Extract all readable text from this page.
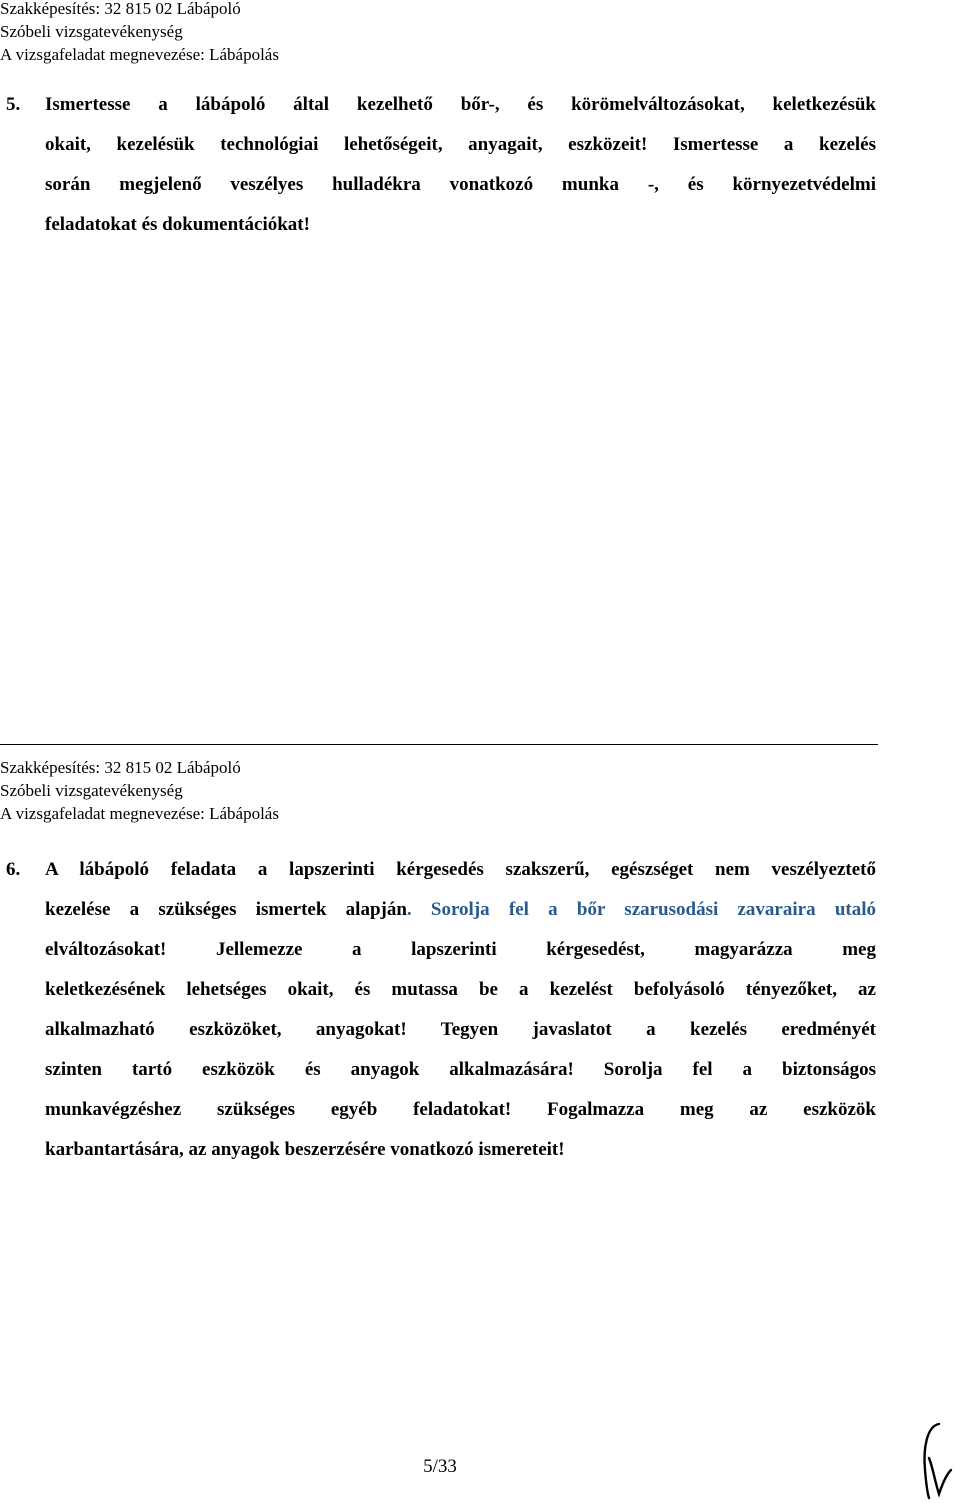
Szakképesítés: 32 815 02 Lábápoló
Szóbeli vizsgatevékenység
A vizsgafeladat megnevezése: Lábápolás
5.	Ismertesse a lábápoló által kezelhető bőr-, és körömelváltozásokat, keletkezésük
okait, kezelésük technológiai lehetőségeit, anyagait, eszközeit! Ismertesse a kezelés
során megjelenő veszélyes hulladékra vonatkozó munka -, és környezetvédelmi
feladatokat és dokumentációkat!
Szakképesítés: 32 815 02 Lábápoló
Szóbeli vizsgatevékenység
A vizsgafeladat megnevezése: Lábápolás
6.	A lábápoló feladata a lapszerinti kérgesedés szakszerű, egészséget nem veszélyeztető
kezelése a szükséges ismertek alapján. Sorolja fel a bőr szarusodási zavaraira utaló
elváltozásokat! Jellemezze a lapszerinti kérgesedést, magyarázza meg
keletkezésének lehetséges okait, és mutassa be a kezelést befolyásoló tényezőket, az
alkalmazható eszközöket, anyagokat! Tegyen javaslatot a kezelés eredményét
szinten tartó eszközök és anyagok alkalmazására! Sorolja fel a biztonságos
munkavégzéshez szükséges egyéb feladatokat! Fogalmazza meg az eszközök
karbantartására, az anyagok beszerzésére vonatkozó ismereteit!
5/33
